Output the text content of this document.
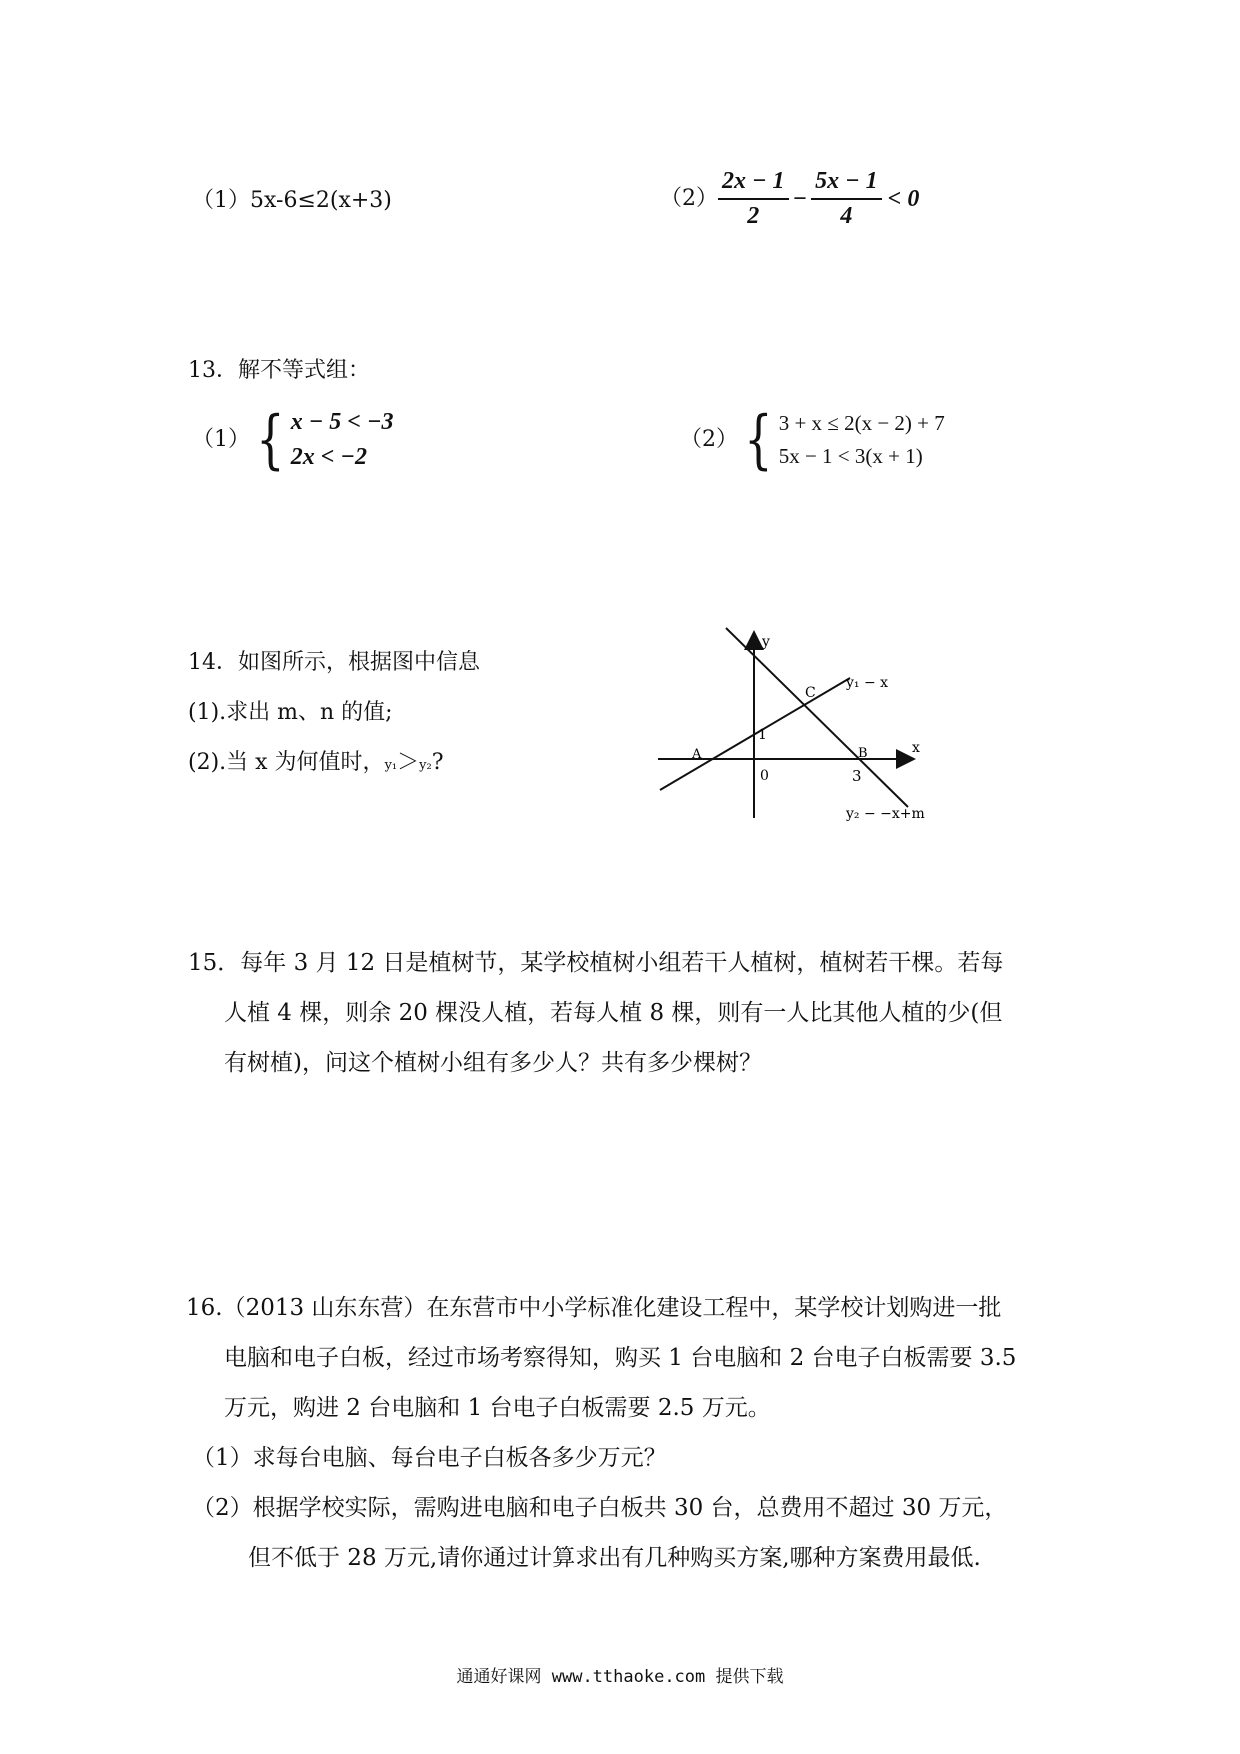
（1）5x-6≤2(x+3)	$(2) \frac{2x - 1}{2} - \frac{5x - 1}{4} < 0$
13．解不等式组：
（1） { x − 5 < −3
2x < −2
（2） { 3 + x ≤ 2(x − 2) + 7
5x − 1 < 3(x + 1)
14．如图所示，根据图中信息
(1).求出 m、n 的值;
(2).当 x 为何值时，y₁＞y₂?
y
x
C
A	B
1
0	3
y₁ − x
y₂ − −x+m
15．每年 3 月 12 日是植树节，某学校植树小组若干人植树，植树若干棵。若每
人植 4 棵，则余 20 棵没人植，若每人植 8 棵，则有一人比其他人植的少(但
有树植)，问这个植树小组有多少人？共有多少棵树？
16.（2013 山东东营）在东营市中小学标准化建设工程中，某学校计划购进一批
电脑和电子白板，经过市场考察得知，购买 1 台电脑和 2 台电子白板需要 3.5
万元，购进 2 台电脑和 1 台电子白板需要 2.5 万元。
（1）求每台电脑、每台电子白板各多少万元？
（2）根据学校实际，需购进电脑和电子白板共 30 台，总费用不超过 30 万元，
但不低于 28 万元,请你通过计算求出有几种购买方案,哪种方案费用最低.
通通好课网 www.tthaoke.com 提供下载
